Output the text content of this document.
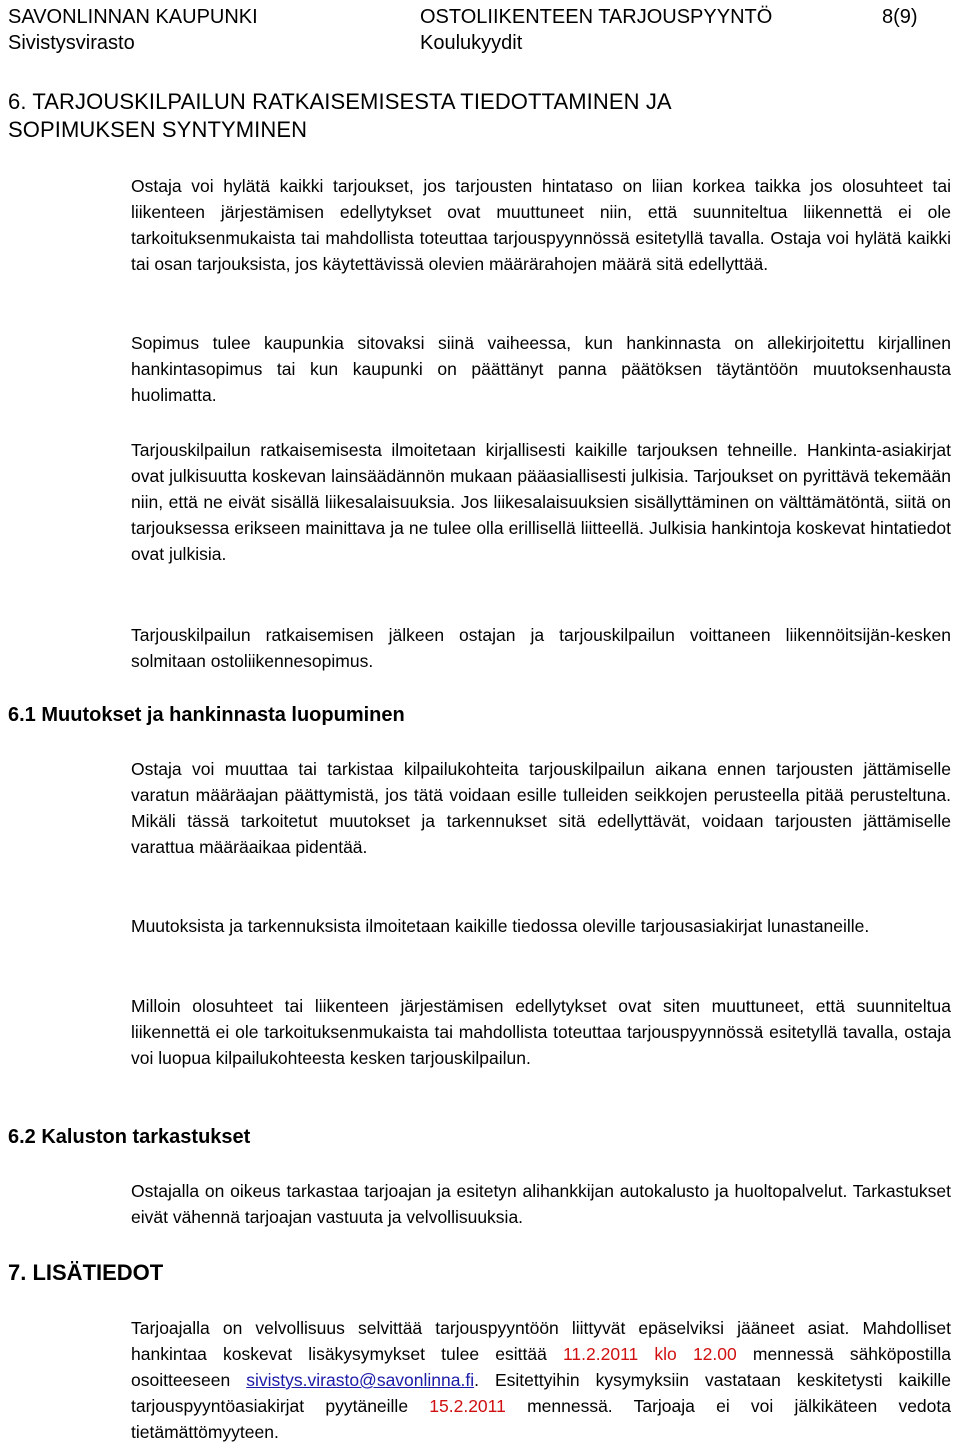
SAVONLINNAN KAUPUNKI
Sivistysvirasto
OSTOLIIKENTEEN TARJOUSPYYNTÖ
Koulukyydit
8(9)
6. TARJOUSKILPAILUN RATKAISEMISESTA TIEDOTTAMINEN JA
SOPIMUKSEN SYNTYMINEN
Ostaja voi hylätä kaikki tarjoukset, jos tarjousten hintataso on liian korkea taikka jos olosuhteet tai liikenteen järjestämisen edellytykset ovat muuttuneet niin, että suunniteltua liikennettä ei ole tarkoituksenmukaista tai mahdollista toteuttaa tarjouspyynnössä esitetyllä tavalla. Ostaja voi hylätä kaikki tai osan tarjouksista, jos käytettävissä olevien määrärahojen määrä sitä edellyttää.
Sopimus tulee kaupunkia sitovaksi siinä vaiheessa, kun hankinnasta on allekirjoitettu kirjallinen hankintasopimus tai kun kaupunki on päättänyt panna päätöksen täytäntöön muutoksenhausta huolimatta.
Tarjouskilpailun ratkaisemisesta ilmoitetaan kirjallisesti kaikille tarjouksen tehneille. Hankinta-asiakirjat ovat julkisuutta koskevan lainsäädännön mukaan pääasiallisesti julkisia. Tarjoukset on pyrittävä tekemään niin, että ne eivät sisällä liikesalaisuuksia. Jos liikesalaisuuksien sisällyttäminen on välttämätöntä, siitä on tarjouksessa erikseen mainittava ja ne tulee olla erillisellä liitteellä. Julkisia hankintoja koskevat hintatiedot ovat julkisia.
Tarjouskilpailun ratkaisemisen jälkeen ostajan ja tarjouskilpailun voittaneen liikennöitsijän-kesken solmitaan ostoliikennesopimus.
6.1 Muutokset ja hankinnasta luopuminen
Ostaja voi muuttaa tai tarkistaa kilpailukohteita tarjouskilpailun aikana ennen tarjousten jättämiselle varatun määräajan päättymistä, jos tätä voidaan esille tulleiden seikkojen perusteella pitää perusteltuna. Mikäli tässä tarkoitetut muutokset ja tarkennukset sitä edellyttävät, voidaan tarjousten jättämiselle varattua määräaikaa pidentää.
Muutoksista ja tarkennuksista ilmoitetaan kaikille tiedossa oleville tarjousasiakirjat lunastaneille.
Milloin olosuhteet tai liikenteen järjestämisen edellytykset ovat siten muuttuneet, että suunniteltua liikennettä ei ole tarkoituksenmukaista tai mahdollista toteuttaa tarjouspyynnössä esitetyllä tavalla, ostaja voi luopua kilpailukohteesta kesken tarjouskilpailun.
6.2 Kaluston tarkastukset
Ostajalla on oikeus tarkastaa tarjoajan ja esitetyn alihankkijan autokalusto ja huoltopalvelut. Tarkastukset eivät vähennä tarjoajan vastuuta ja velvollisuuksia.
7. LISÄTIEDOT
Tarjoajalla on velvollisuus selvittää tarjouspyyntöön liittyvät epäselviksi jääneet asiat. Mahdolliset hankintaa koskevat lisäkysymykset tulee esittää 11.2.2011 klo 12.00 mennessä sähköpostilla osoitteeseen sivistys.virasto@savonlinna.fi. Esitettyihin kysymyksiin vastataan keskitetysti kaikille tarjouspyyntöasiakirjat pyytäneille 15.2.2011 mennessä. Tarjoaja ei voi jälkikäteen vedota tietämättömyyteen.
